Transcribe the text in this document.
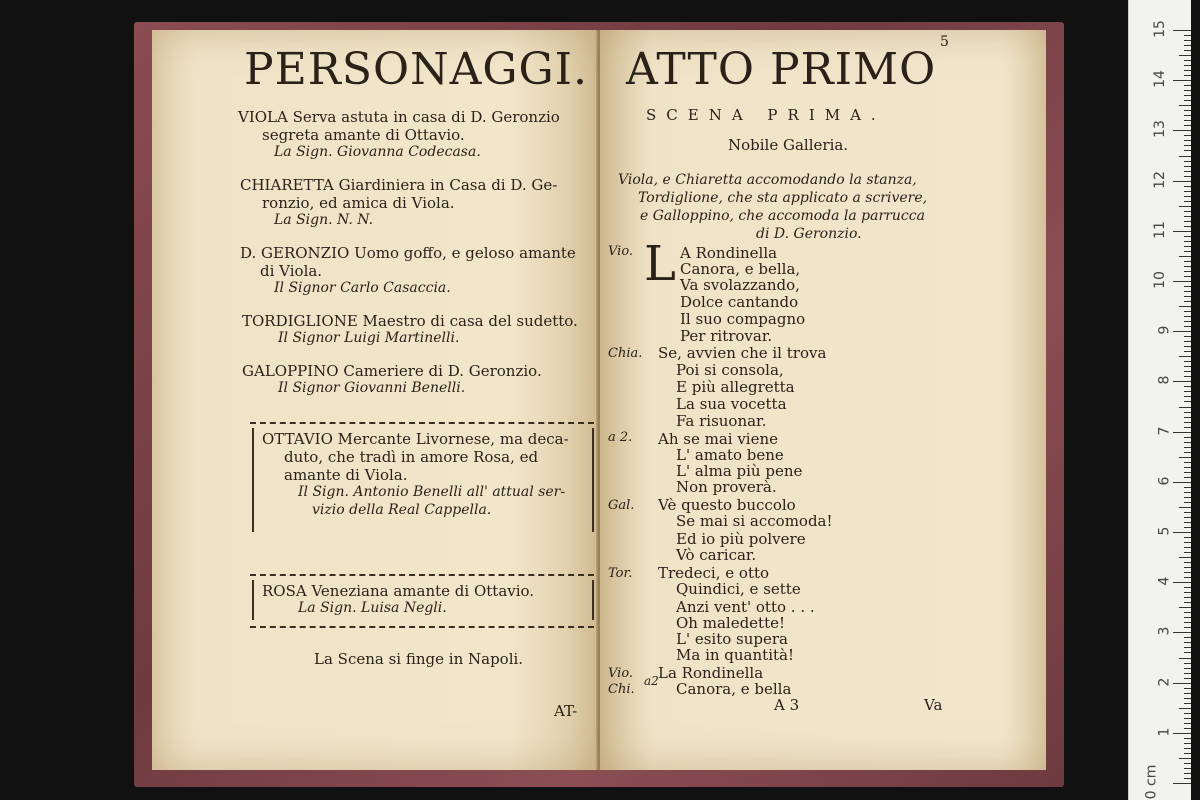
PERSONAGGI.
VIOLA Serva astuta in casa di D. Geronzio
segreta amante di Ottavio.
La Sign. Giovanna Codecasa.
CHIARETTA Giardiniera in Casa di D. Ge-
ronzio, ed amica di Viola.
La Sign. N. N.
D. GERONZIO Uomo goffo, e geloso amante
di Viola.
Il Signor Carlo Casaccia.
TORDIGLIONE Maestro di casa del sudetto.
Il Signor Luigi Martinelli.
GALOPPINO Cameriere di D. Geronzio.
Il Signor Giovanni Benelli.
OTTAVIO Mercante Livornese, ma deca-
duto, che tradì in amore Rosa, ed
amante di Viola.
Il Sign. Antonio Benelli all' attual ser-
vizio della Real Cappella.
ROSA Veneziana amante di Ottavio.
La Sign. Luisa Negli.
La Scena si finge in Napoli.
AT-
5
ATTO PRIMO
SCENA PRIMA.
Nobile Galleria.
Viola, e Chiaretta accomodando la stanza,
Tordiglione, che sta applicato a scrivere,
e Galloppino, che accomoda la parrucca
di D. Geronzio.
Vio.
Chia.
a 2.
Gal.
Tor.
Vio.
Chi.
a2
L A Rondinella
Canora, e bella,
Va svolazzando,
Dolce cantando
Il suo compagno
Per ritrovar.
Se, avvien che il trova
Poi si consola,
E più allegretta
La sua vocetta
Fa risuonar.
Ah se mai viene
L' amato bene
L' alma più pene
Non proverà.
Vè questo buccolo
Se mai si accomoda!
Ed io più polvere
Vò caricar.
Tredeci, e otto
Quindici, e sette
Anzi vent' otto . . .
Oh maledette!
L' esito supera
Ma in quantità!
La Rondinella
Canora, e bella
A 3	Va
15
14
13
12
11
10
9
8
7
6
5
4
3
2
1
0 cm
